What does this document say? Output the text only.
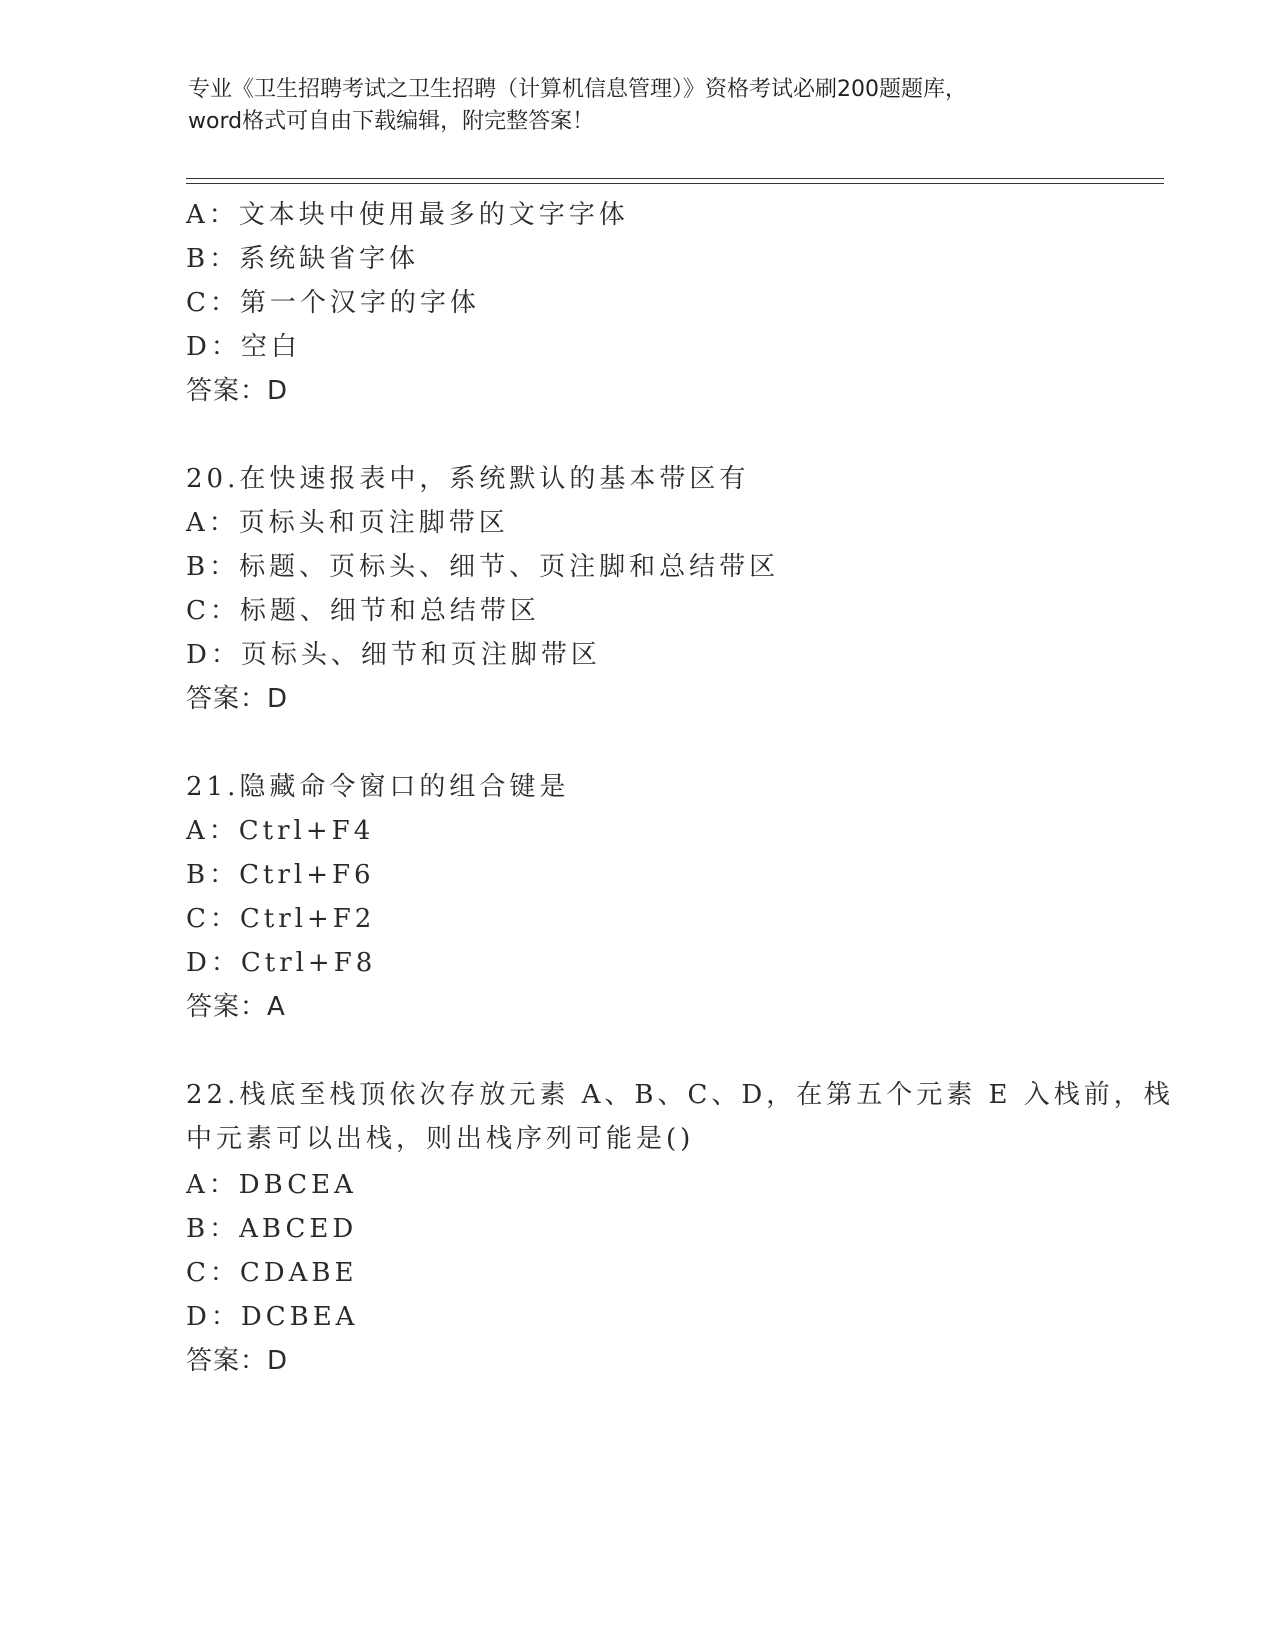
专业《卫生招聘考试之卫生招聘（计算机信息管理）》资格考试必刷200题题库，
word格式可自由下载编辑，附完整答案！
A：文本块中使用最多的文字字体
B：系统缺省字体
C：第一个汉字的字体
D：空白
答案：D
20.在快速报表中，系统默认的基本带区有
A：页标头和页注脚带区
B：标题、页标头、细节、页注脚和总结带区
C：标题、细节和总结带区
D：页标头、细节和页注脚带区
答案：D
21.隐藏命令窗口的组合键是
A：Ctrl+F4
B：Ctrl+F6
C：Ctrl+F2
D：Ctrl+F8
答案：A
22.栈底至栈顶依次存放元素 A、B、C、D，在第五个元素 E 入栈前，栈
中元素可以出栈，则出栈序列可能是()
A：DBCEA
B：ABCED
C：CDABE
D：DCBEA
答案：D
